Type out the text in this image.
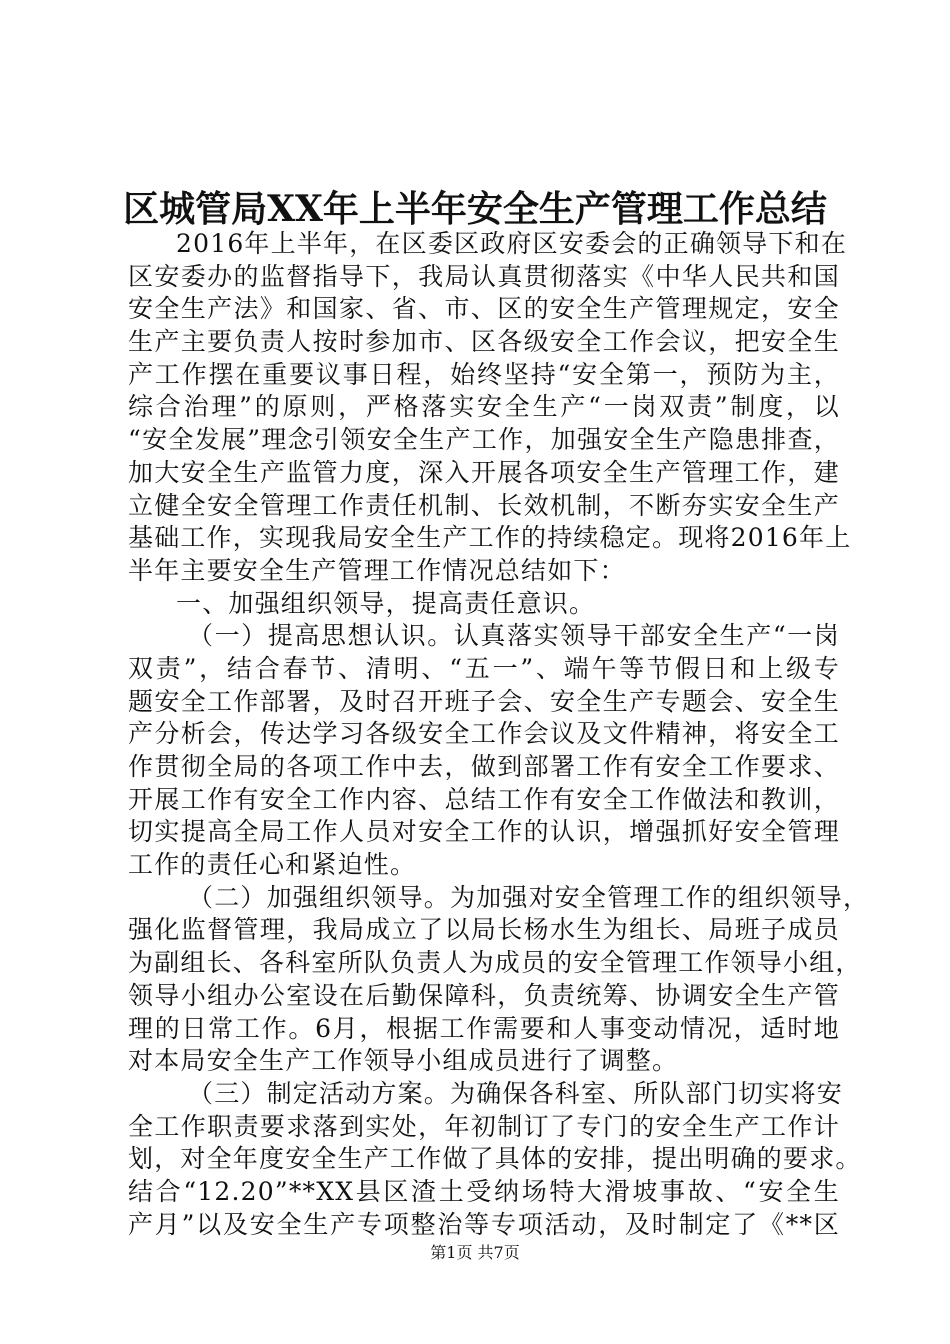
区城管局XX年上半年安全生产管理工作总结
2016年上半年，在区委区政府区安委会的正确领导下和在
区安委办的监督指导下，我局认真贯彻落实《中华人民共和国
安全生产法》和国家、省、市、区的安全生产管理规定，安全
生产主要负责人按时参加市、区各级安全工作会议，把安全生
产工作摆在重要议事日程，始终坚持“安全第一，预防为主，
综合治理”的原则，严格落实安全生产“一岗双责”制度，以
“安全发展”理念引领安全生产工作，加强安全生产隐患排查，
加大安全生产监管力度，深入开展各项安全生产管理工作，建
立健全安全管理工作责任机制、长效机制，不断夯实安全生产
基础工作，实现我局安全生产工作的持续稳定。现将2016年上
半年主要安全生产管理工作情况总结如下：
一、加强组织领导，提高责任意识。
（一）提高思想认识。认真落实领导干部安全生产“一岗
双责”，结合春节、清明、“五一”、端午等节假日和上级专
题安全工作部署，及时召开班子会、安全生产专题会、安全生
产分析会，传达学习各级安全工作会议及文件精神，将安全工
作贯彻全局的各项工作中去，做到部署工作有安全工作要求、
开展工作有安全工作内容、总结工作有安全工作做法和教训，
切实提高全局工作人员对安全工作的认识，增强抓好安全管理
工作的责任心和紧迫性。
（二）加强组织领导。为加强对安全管理工作的组织领导，
强化监督管理，我局成立了以局长杨水生为组长、局班子成员
为副组长、各科室所队负责人为成员的安全管理工作领导小组，
领导小组办公室设在后勤保障科，负责统筹、协调安全生产管
理的日常工作。6月，根据工作需要和人事变动情况，适时地
对本局安全生产工作领导小组成员进行了调整。
（三）制定活动方案。为确保各科室、所队部门切实将安
全工作职责要求落到实处，年初制订了专门的安全生产工作计
划，对全年度安全生产工作做了具体的安排，提出明确的要求。
结合“12.20”**XX县区渣土受纳场特大滑坡事故、“安全生
产月”以及安全生产专项整治等专项活动，及时制定了《**区
第1页 共7页
